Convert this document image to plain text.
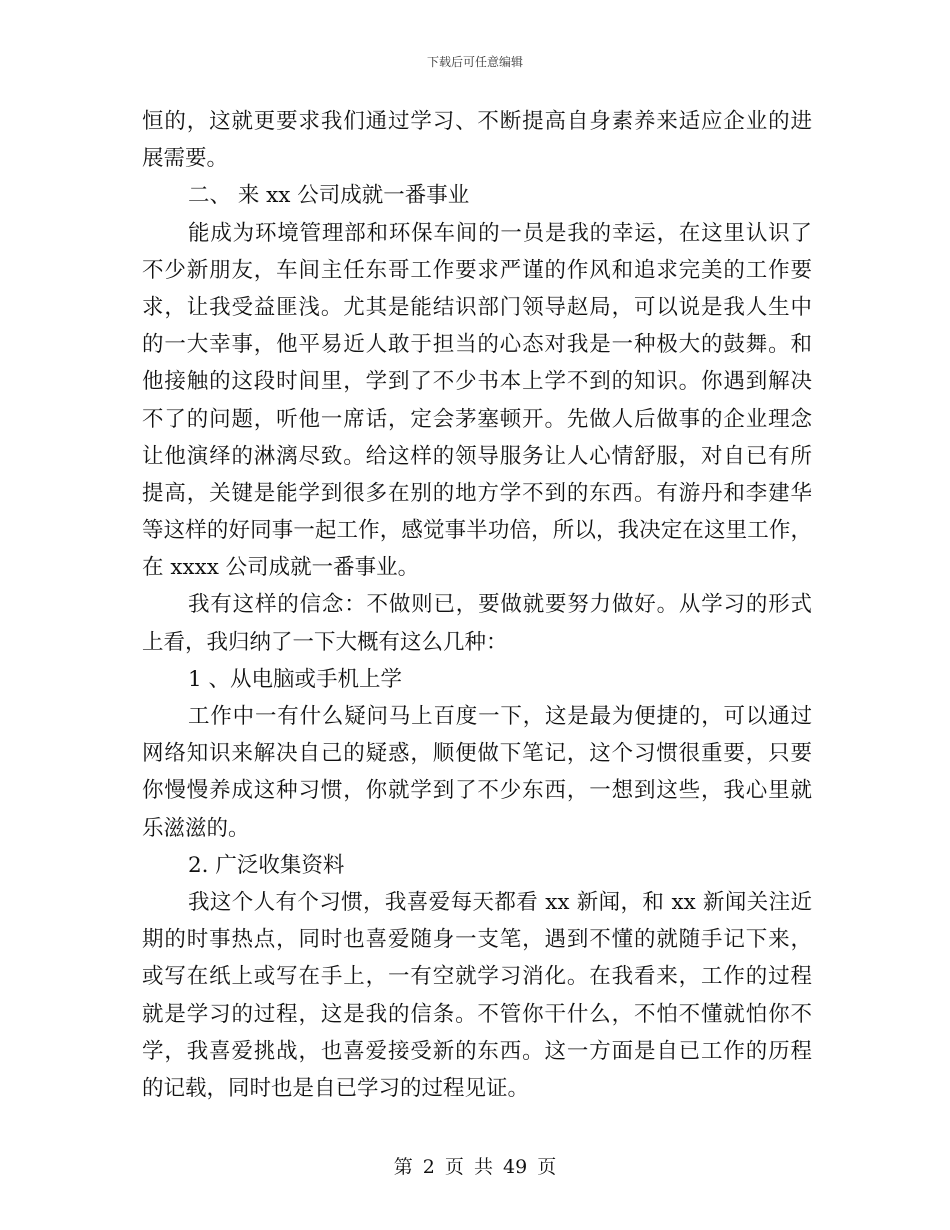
下载后可任意编辑
恒的，这就更要求我们通过学习、不断提高自身素养来适应企业的进
展需要。
二、 来 xx 公司成就一番事业
能成为环境管理部和环保车间的一员是我的幸运，在这里认识了
不少新朋友，车间主任东哥工作要求严谨的作风和追求完美的工作要
求，让我受益匪浅。尤其是能结识部门领导赵局，可以说是我人生中
的一大幸事，他平易近人敢于担当的心态对我是一种极大的鼓舞。和
他接触的这段时间里，学到了不少书本上学不到的知识。你遇到解决
不了的问题，听他一席话，定会茅塞顿开。先做人后做事的企业理念
让他演绎的淋漓尽致。给这样的领导服务让人心情舒服，对自已有所
提高，关键是能学到很多在别的地方学不到的东西。有游丹和李建华
等这样的好同事一起工作，感觉事半功倍，所以，我决定在这里工作，
在 xxxx 公司成就一番事业。
我有这样的信念：不做则已，要做就要努力做好。从学习的形式
上看，我归纳了一下大概有这么几种：
1 、从电脑或手机上学
工作中一有什么疑问马上百度一下，这是最为便捷的，可以通过
网络知识来解决自己的疑惑，顺便做下笔记，这个习惯很重要，只要
你慢慢养成这种习惯，你就学到了不少东西，一想到这些，我心里就
乐滋滋的。
2. 广泛收集资料
我这个人有个习惯，我喜爱每天都看 xx 新闻，和 xx 新闻关注近
期的时事热点，同时也喜爱随身一支笔，遇到不懂的就随手记下来，
或写在纸上或写在手上，一有空就学习消化。在我看来，工作的过程
就是学习的过程，这是我的信条。不管你干什么，不怕不懂就怕你不
学，我喜爱挑战，也喜爱接受新的东西。这一方面是自已工作的历程
的记载，同时也是自已学习的过程见证。
第 2 页 共 49 页
